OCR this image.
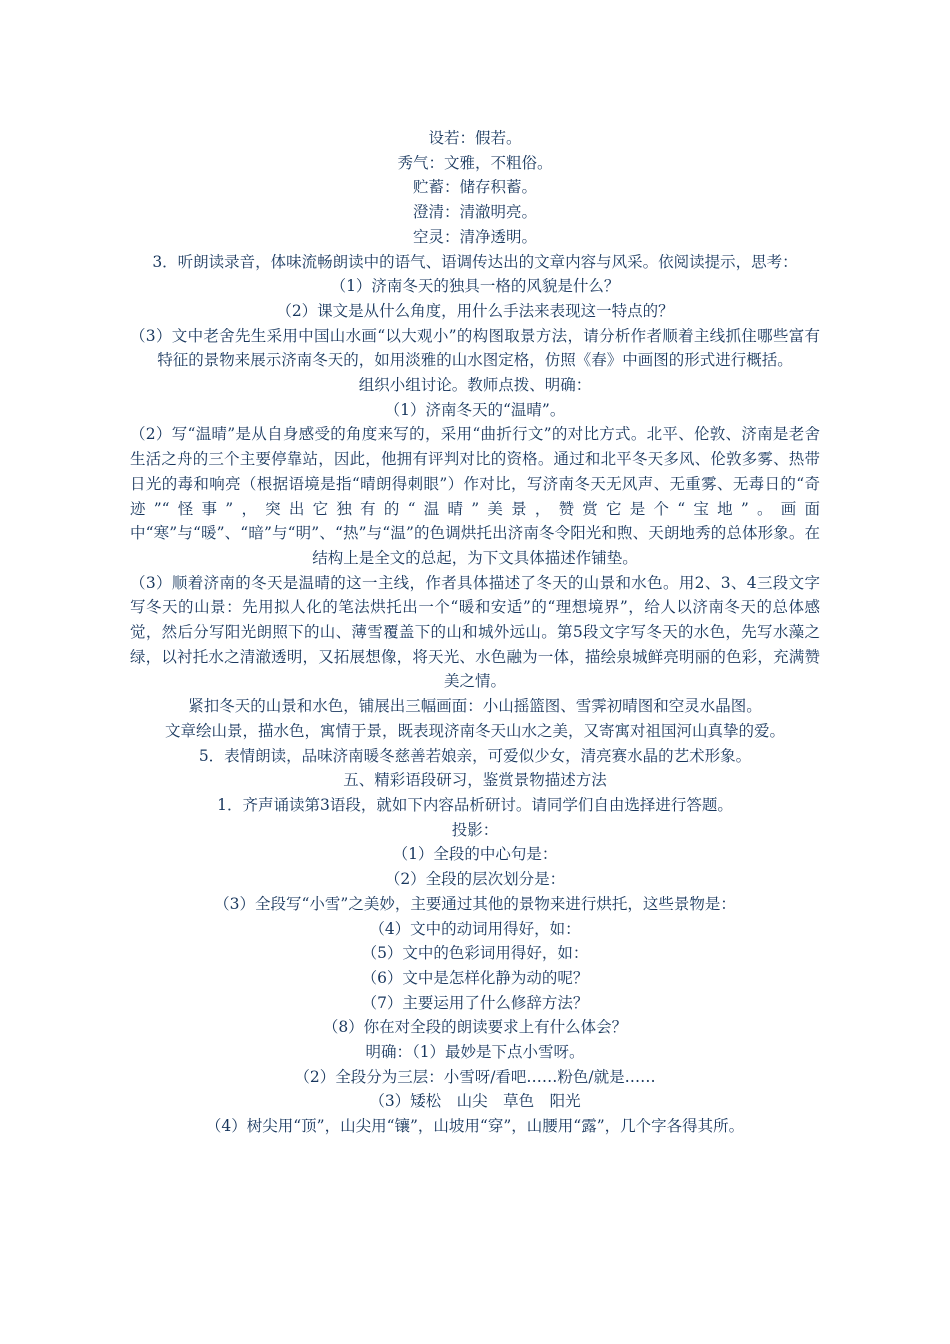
设若：假若。

秀气：文雅，不粗俗。

贮蓄：储存积蓄。

澄清：清澈明亮。

空灵：清净透明。

3．听朗读录音，体味流畅朗读中的语气、语调传达出的文章内容与风采。依阅读提示，思考：

（1）济南冬天的独具一格的风貌是什么？

（2）课文是从什么角度，用什么手法来表现这一特点的？

（3）文中老舍先生采用中国山水画“以大观小”的构图取景方法，请分析作者顺着主线抓住哪些富有特征的景物来展示济南冬天的，如用淡雅的山水图定格，仿照《春》中画图的形式进行概括。

组织小组讨论。教师点拨、明确：

（1）济南冬天的“温晴”。

（2）写“温晴”是从自身感受的角度来写的，采用“曲折行文”的对比方式。北平、伦敦、济南是老舍生活之舟的三个主要停靠站，因此，他拥有评判对比的资格。通过和北平冬天多风、伦敦多雾、热带日光的毒和响亮（根据语境是指“晴朗得刺眼”）作对比，写济南冬天无风声、无重雾、无毒日的“奇迹”“怪事”，突出它独有的“温晴”美景，赞赏它是个“宝地”。画面中“寒”与“暖”、“暗”与“明”、“热”与“温”的色调烘托出济南冬令阳光和煦、天朗地秀的总体形象。在结构上是全文的总起，为下文具体描述作铺垫。

（3）顺着济南的冬天是温晴的这一主线，作者具体描述了冬天的山景和水色。用2、3、4三段文字写冬天的山景：先用拟人化的笔法烘托出一个“暖和安适”的“理想境界”，给人以济南冬天的总体感觉，然后分写阳光朗照下的山、薄雪覆盖下的山和城外远山。第5段文字写冬天的水色，先写水藻之绿，以衬托水之清澈透明，又拓展想像，将天光、水色融为一体，描绘泉城鲜亮明丽的色彩，充满赞美之情。

紧扣冬天的山景和水色，铺展出三幅画面：小山摇篮图、雪霁初晴图和空灵水晶图。

文章绘山景，描水色，寓情于景，既表现济南冬天山水之美，又寄寓对祖国河山真挚的爱。

5．表情朗读，品味济南暖冬慈善若娘亲，可爱似少女，清亮赛水晶的艺术形象。

五、精彩语段研习，鉴赏景物描述方法

1．齐声诵读第3语段，就如下内容品析研讨。请同学们自由选择进行答题。

投影：

（1）全段的中心句是：

（2）全段的层次划分是：

（3）全段写“小雪”之美妙，主要通过其他的景物来进行烘托，这些景物是：

（4）文中的动词用得好，如：

（5）文中的色彩词用得好，如：

（6）文中是怎样化静为动的呢？

（7）主要运用了什么修辞方法？

（8）你在对全段的朗读要求上有什么体会？

明确：（1）最妙是下点小雪呀。

（2）全段分为三层：小雪呀/看吧……粉色/就是……

（3）矮松　山尖　草色　阳光

（4）树尖用“顶”，山尖用“镶”，山坡用“穿”，山腰用“露”，几个字各得其所。
